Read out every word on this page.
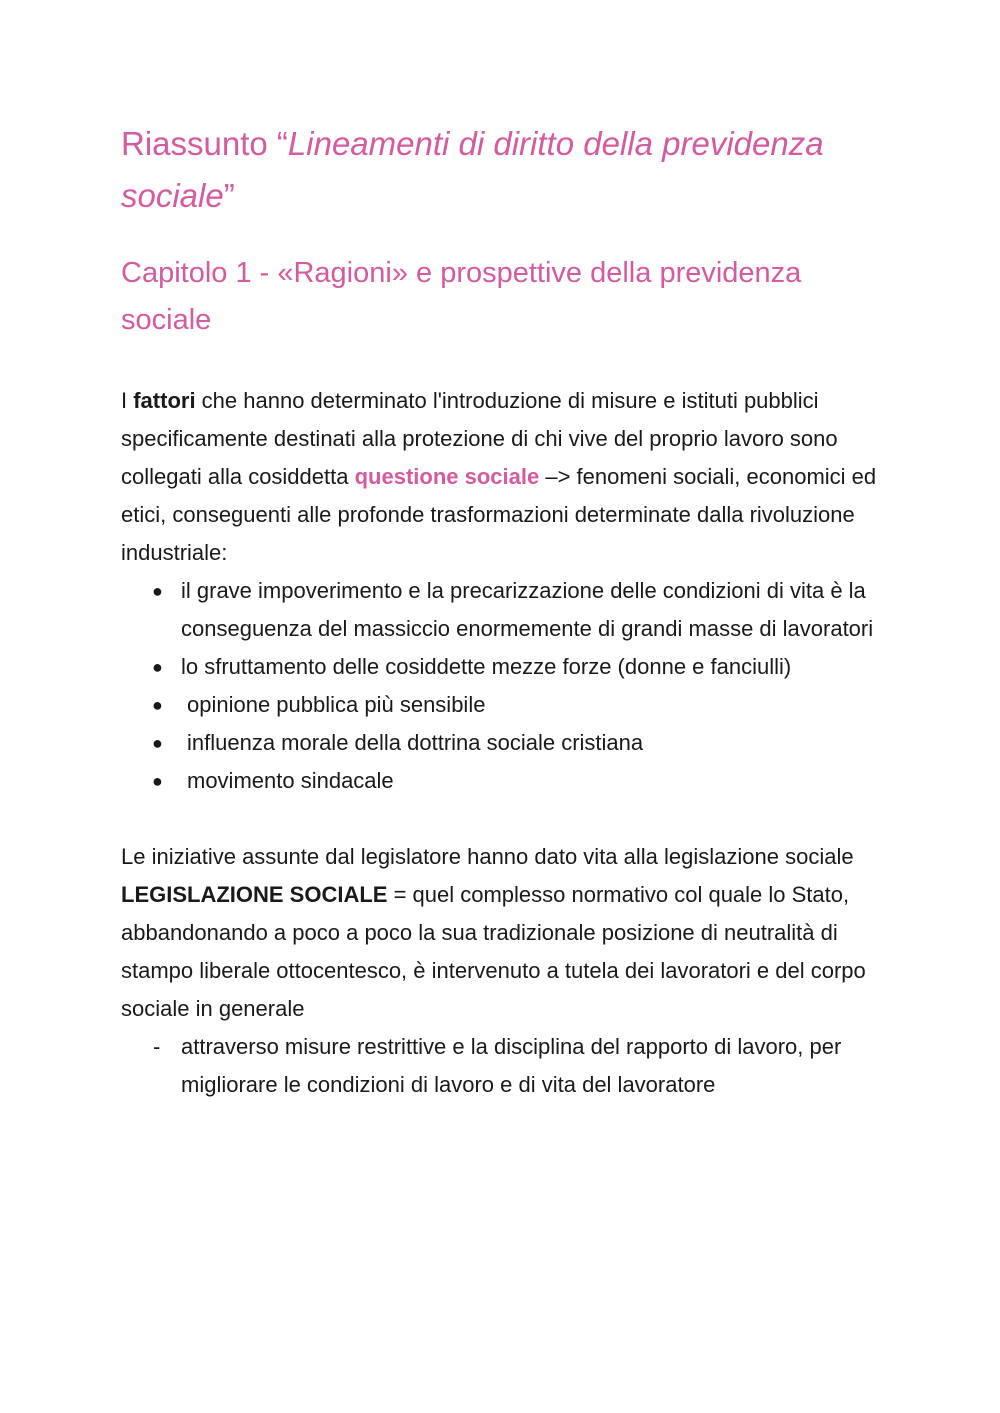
Riassunto “Lineamenti di diritto della previdenza sociale”
Capitolo 1 - «Ragioni» e prospettive della previdenza sociale

I fattori che hanno determinato l'introduzione di misure e istituti pubblici specificamente destinati alla protezione di chi vive del proprio lavoro sono collegati alla cosiddetta questione sociale –> fenomeni sociali, economici ed etici, conseguenti alle profonde trasformazioni determinate dalla rivoluzione industriale:

● il grave impoverimento e la precarizzazione delle condizioni di vita è la conseguenza del massiccio enormemente di grandi masse di lavoratori
● lo sfruttamento delle cosiddette mezze forze (donne e fanciulli)
● opinione pubblica più sensibile
● influenza morale della dottrina sociale cristiana
● movimento sindacale

Le iniziative assunte dal legislatore hanno dato vita alla legislazione sociale

LEGISLAZIONE SOCIALE = quel complesso normativo col quale lo Stato, abbandonando a poco a poco la sua tradizionale posizione di neutralità di stampo liberale ottocentesco, è intervenuto a tutela dei lavoratori e del corpo sociale in generale

- attraverso misure restrittive e la disciplina del rapporto di lavoro, per migliorare le condizioni di lavoro e di vita del lavoratore
